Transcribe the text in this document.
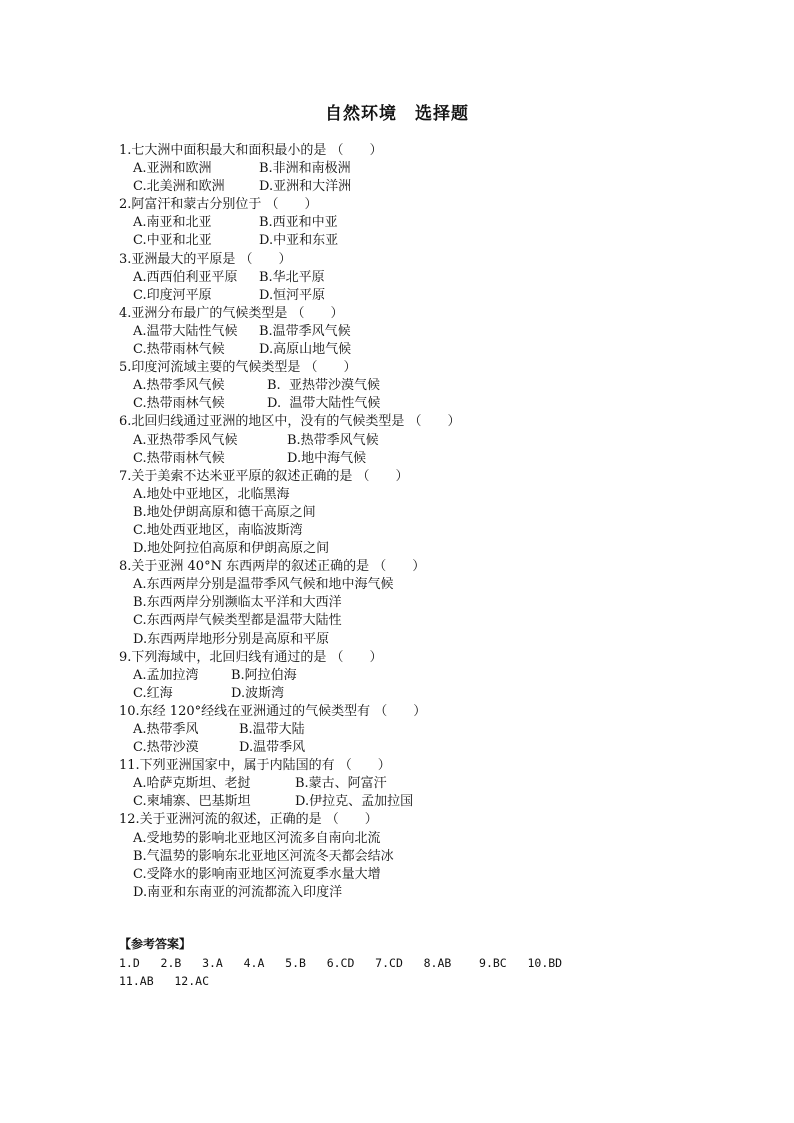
自然环境　选择题
1.七大洲中面积最大和面积最小的是 （　　）
A.亚洲和欧洲	B.非洲和南极洲
C.北美洲和欧洲	D.亚洲和大洋洲
2.阿富汗和蒙古分别位于 （　　）
A.南亚和北亚	B.西亚和中亚
C.中亚和北亚	D.中亚和东亚
3.亚洲最大的平原是 （　　）
A.西西伯利亚平原 B.华北平原
C.印度河平原	D.恒河平原
4.亚洲分布最广的气候类型是 （　　）
A.温带大陆性气候 B.温带季风气候
C.热带雨林气候	D.高原山地气候
5.印度河流域主要的气候类型是 （　　）
A.热带季风气候	B.  亚热带沙漠气候
C.热带雨林气候	D.  温带大陆性气候
6.北回归线通过亚洲的地区中，没有的气候类型是 （　　）
A.亚热带季风气候	B.热带季风气候
C.热带雨林气候	D.地中海气候
7.关于美索不达米亚平原的叙述正确的是 （　　）
A.地处中亚地区，北临黑海
B.地处伊朗高原和德干高原之间
C.地处西亚地区，南临波斯湾
D.地处阿拉伯高原和伊朗高原之间
8.关于亚洲 40°N 东西两岸的叙述正确的是 （　　）
A.东西两岸分别是温带季风气候和地中海气候
B.东西两岸分别濒临太平洋和大西洋
C.东西两岸气候类型都是温带大陆性
D.东西两岸地形分别是高原和平原
9.下列海域中，北回归线有通过的是 （　　）
A.孟加拉湾 B.阿拉伯海
C.红海	D.波斯湾
10.东经 120°经线在亚洲通过的气候类型有 （　　）
A.热带季风	B.温带大陆
C.热带沙漠	D.温带季风
11.下列亚洲国家中，属于内陆国的有 （　　）
A.哈萨克斯坦、老挝	B.蒙古、阿富汗
C.柬埔寨、巴基斯坦	D.伊拉克、孟加拉国
12.关于亚洲河流的叙述，正确的是 （　　）
A.受地势的影响北亚地区河流多自南向北流
B.气温势的影响东北亚地区河流冬天都会结冰
C.受降水的影响南亚地区河流夏季水量大增
D.南亚和东南亚的河流都流入印度洋
【参考答案】
1.D   2.B   3.A   4.A   5.B   6.CD   7.CD   8.AB    9.BC   10.BD
11.AB   12.AC
